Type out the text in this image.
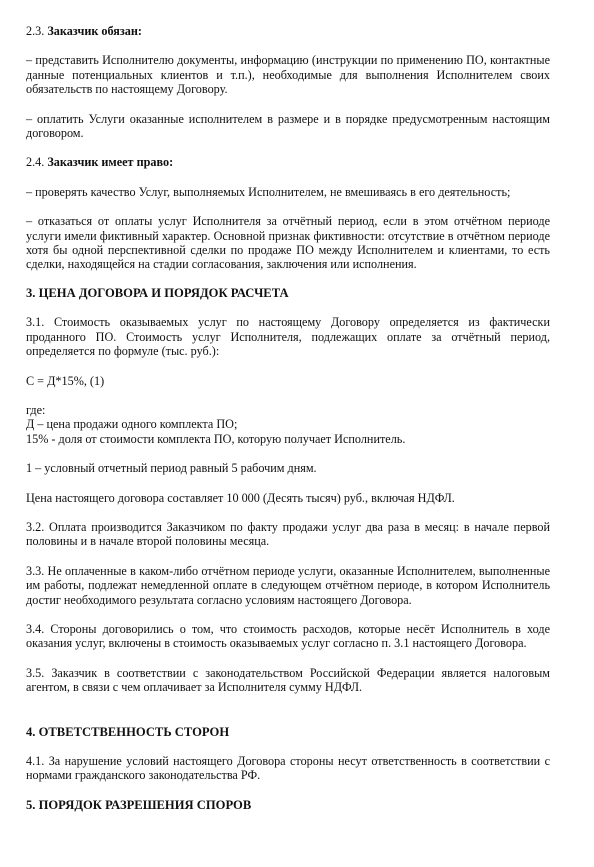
2.3. Заказчик обязан:

– представить Исполнителю документы, информацию (инструкции по применению ПО, контактные данные потенциальных клиентов и т.п.), необходимые для выполнения Исполнителем своих обязательств по настоящему Договору.

– оплатить Услуги оказанные исполнителем в размере и в порядке предусмотренным настоящим договором.

2.4. Заказчик имеет право:

– проверять качество Услуг, выполняемых Исполнителем, не вмешиваясь в его деятельность;

– отказаться от оплаты услуг Исполнителя за отчётный период, если в этом отчётном периоде услуги имели фиктивный характер. Основной признак фиктивности: отсутствие в отчётном периоде хотя бы одной перспективной сделки по продаже ПО между Исполнителем и клиентами, то есть сделки, находящейся на стадии согласования, заключения или исполнения.

3. ЦЕНА ДОГОВОРА И ПОРЯДОК РАСЧЕТА

3.1. Стоимость оказываемых услуг по настоящему Договору определяется из фактически проданного ПО. Стоимость услуг Исполнителя, подлежащих оплате за отчётный период, определяется по формуле (тыс. руб.):

С = Д*15%, (1)

где:

Д – цена продажи одного комплекта ПО;

15% - доля от стоимости комплекта ПО, которую получает Исполнитель.

1 – условный отчетный период равный 5 рабочим дням.

Цена настоящего договора составляет 10 000 (Десять тысяч) руб., включая НДФЛ.

3.2. Оплата производится Заказчиком по факту продажи услуг два раза в месяц: в начале первой половины и в начале второй половины месяца.

3.3. Не оплаченные в каком-либо отчётном периоде услуги, оказанные Исполнителем, выполненные им работы, подлежат немедленной оплате в следующем отчётном периоде, в котором Исполнитель достиг необходимого результата согласно условиям настоящего Договора.

3.4. Стороны договорились о том, что стоимость расходов, которые несёт Исполнитель в ходе оказания услуг, включены в стоимость оказываемых услуг согласно п. 3.1 настоящего Договора.

3.5. Заказчик в соответствии с законодательством Российской Федерации является налоговым агентом, в связи с чем оплачивает за Исполнителя сумму НДФЛ.

4. ОТВЕТСТВЕННОСТЬ СТОРОН

4.1. За нарушение условий настоящего Договора стороны несут ответственность в соответствии с нормами гражданского законодательства РФ.

5. ПОРЯДОК РАЗРЕШЕНИЯ СПОРОВ
